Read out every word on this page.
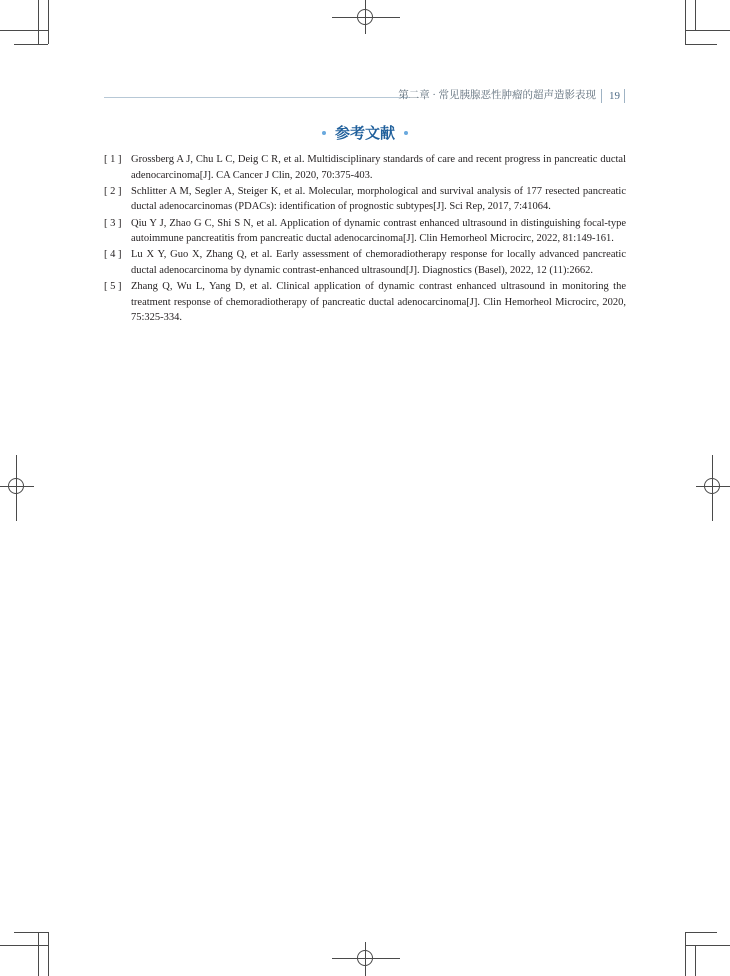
第二章 · 常见胰腺恶性肿瘤的超声造影表现 19
参考文献
[ 1 ] Grossberg A J, Chu L C, Deig C R, et al. Multidisciplinary standards of care and recent progress in pancreatic ductal adenocarcinoma[J]. CA Cancer J Clin, 2020, 70:375-403.
[ 2 ] Schlitter A M, Segler A, Steiger K, et al. Molecular, morphological and survival analysis of 177 resected pancreatic ductal adenocarcinomas (PDACs): identification of prognostic subtypes[J]. Sci Rep, 2017, 7:41064.
[ 3 ] Qiu Y J, Zhao G C, Shi S N, et al. Application of dynamic contrast enhanced ultrasound in distinguishing focal-type autoimmune pancreatitis from pancreatic ductal adenocarcinoma[J]. Clin Hemorheol Microcirc, 2022, 81:149-161.
[ 4 ] Lu X Y, Guo X, Zhang Q, et al. Early assessment of chemoradiotherapy response for locally advanced pancreatic ductal adenocarcinoma by dynamic contrast-enhanced ultrasound[J]. Diagnostics (Basel), 2022, 12 (11):2662.
[ 5 ] Zhang Q, Wu L, Yang D, et al. Clinical application of dynamic contrast enhanced ultrasound in monitoring the treatment response of chemoradiotherapy of pancreatic ductal adenocarcinoma[J]. Clin Hemorheol Microcirc, 2020, 75:325-334.
